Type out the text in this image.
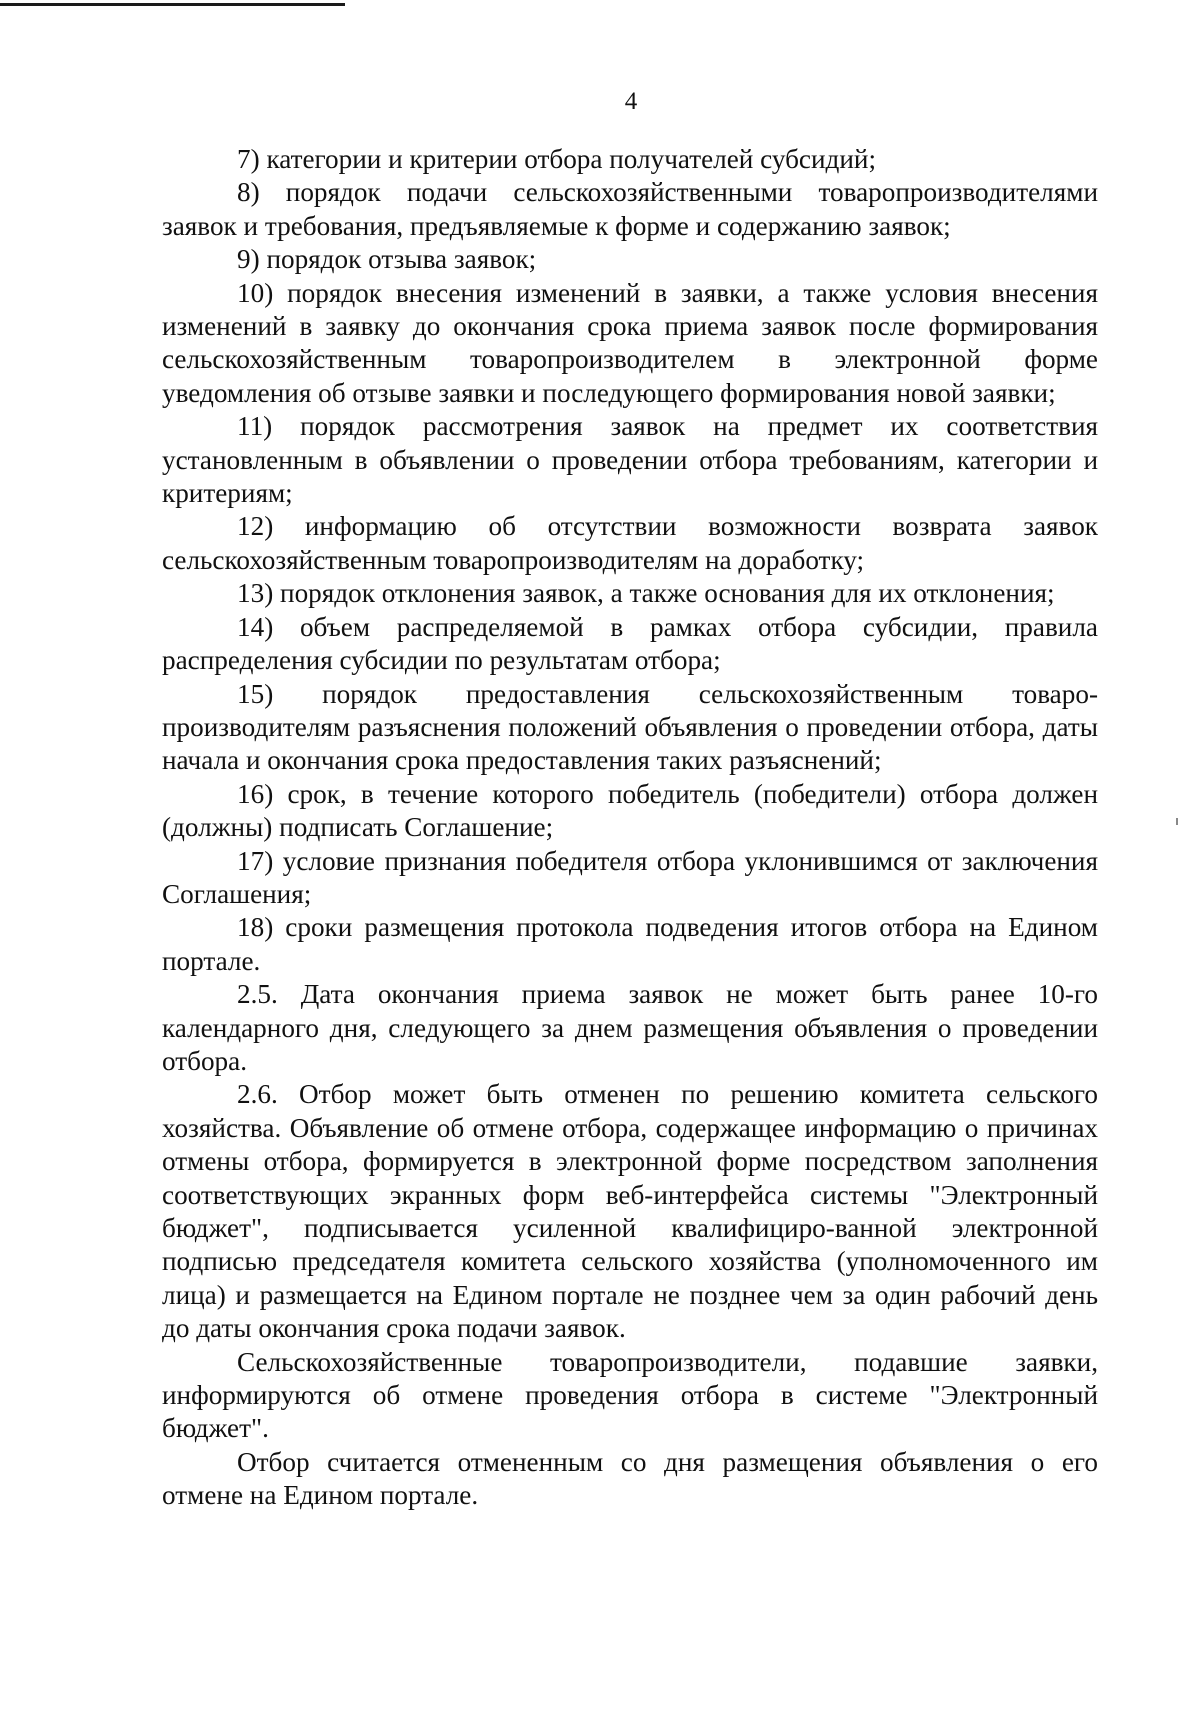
4

7) категории и критерии отбора получателей субсидий;

8) порядок подачи сельскохозяйственными товаропроизводителями заявок и требования, предъявляемые к форме и содержанию заявок;

9) порядок отзыва заявок;

10) порядок внесения изменений в заявки, а также условия внесения изменений в заявку до окончания срока приема заявок после формирования сельскохозяйственным товаропроизводителем в электронной форме уведомления об отзыве заявки и последующего формирования новой заявки;

11) порядок рассмотрения заявок на предмет их соответствия установленным в объявлении о проведении отбора требованиям, категории и критериям;

12) информацию об отсутствии возможности возврата заявок сельскохозяйственным товаропроизводителям на доработку;

13) порядок отклонения заявок, а также основания для их отклонения;

14) объем распределяемой в рамках отбора субсидии, правила распределения субсидии по результатам отбора;

15) порядок предоставления сельскохозяйственным товаро-производителям разъяснения положений объявления о проведении отбора, даты начала и окончания срока предоставления таких разъяснений;

16) срок, в течение которого победитель (победители) отбора должен (должны) подписать Соглашение;

17) условие признания победителя отбора уклонившимся от заключения Соглашения;

18) сроки размещения протокола подведения итогов отбора на Едином портале.

2.5. Дата окончания приема заявок не может быть ранее 10-го календарного дня, следующего за днем размещения объявления о проведении отбора.

2.6. Отбор может быть отменен по решению комитета сельского хозяйства. Объявление об отмене отбора, содержащее информацию о причинах отмены отбора, формируется в электронной форме посредством заполнения соответствующих экранных форм веб-интерфейса системы "Электронный бюджет", подписывается усиленной квалифициро-ванной электронной подписью председателя комитета сельского хозяйства (уполномоченного им лица) и размещается на Едином портале не позднее чем за один рабочий день до даты окончания срока подачи заявок.

Сельскохозяйственные товаропроизводители, подавшие заявки, информируются об отмене проведения отбора в системе "Электронный бюджет".

Отбор считается отмененным со дня размещения объявления о его отмене на Едином портале.
